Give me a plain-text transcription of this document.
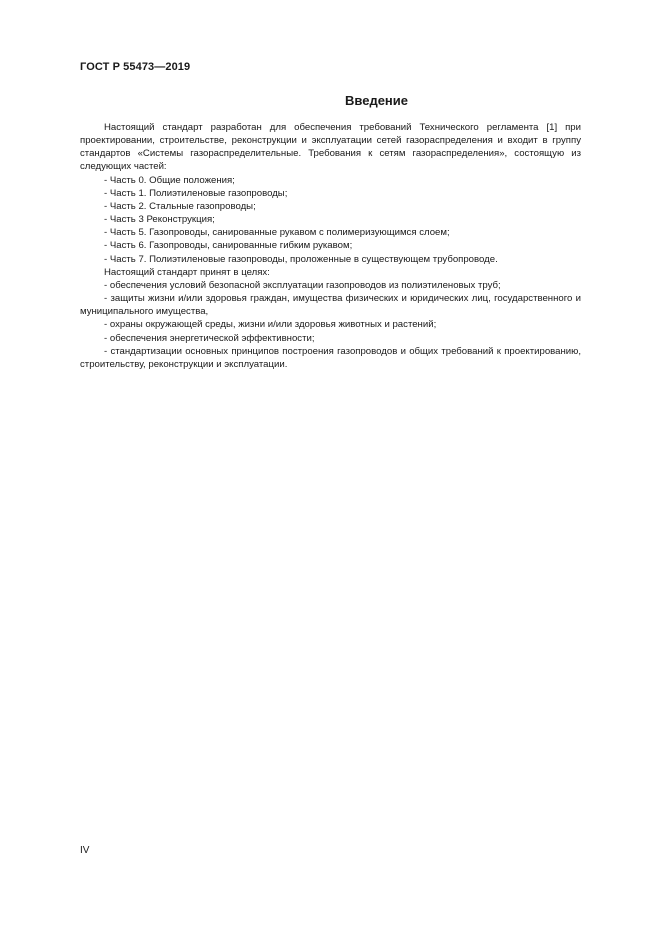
ГОСТ Р 55473—2019
Введение

Настоящий стандарт разработан для обеспечения требований Технического регламента [1] при проектировании, строительстве, реконструкции и эксплуатации сетей газораспределения и входит в группу стандартов «Системы газораспределительные. Требования к сетям газораспределения», состоящую из следующих частей:

- Часть 0. Общие положения;

- Часть 1. Полиэтиленовые газопроводы;

- Часть 2. Стальные газопроводы;

- Часть 3 Реконструкция;

- Часть 5. Газопроводы, санированные рукавом с полимеризующимся слоем;

- Часть 6. Газопроводы, санированные гибким рукавом;

- Часть 7. Полиэтиленовые газопроводы, проложенные в существующем трубопроводе.

Настоящий стандарт принят в целях:

- обеспечения условий безопасной эксплуатации газопроводов из полиэтиленовых труб;

- защиты жизни и/или здоровья граждан, имущества физических и юридических лиц, государственного и муниципального имущества,

- охраны окружающей среды, жизни и/или здоровья животных и растений;

- обеспечения энергетической эффективности;

- стандартизации основных принципов построения газопроводов и общих требований к проектированию, строительству, реконструкции и эксплуатации.

IV
